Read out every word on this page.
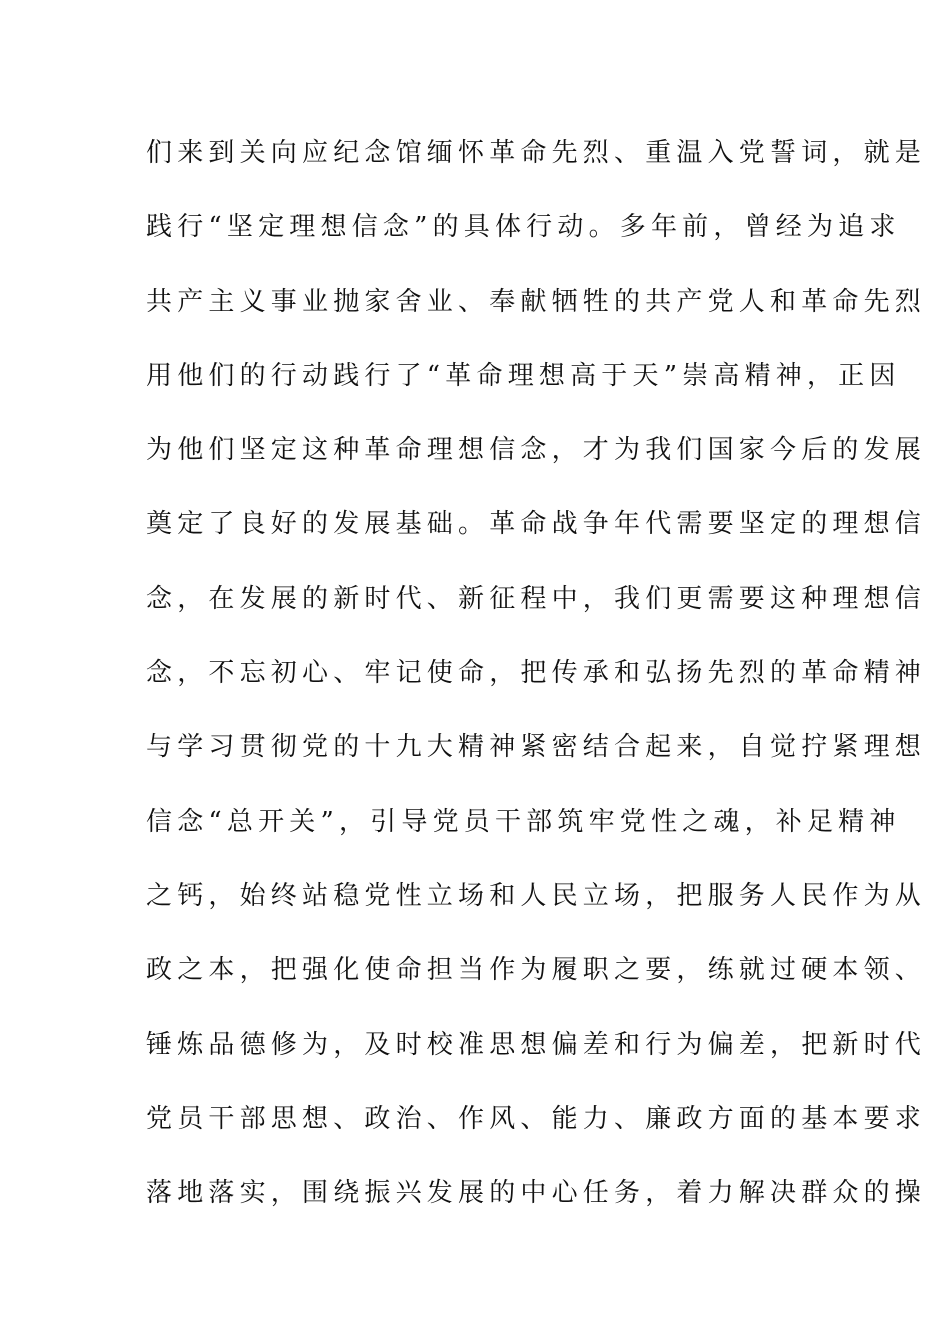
们来到关向应纪念馆缅怀革命先烈、重温入党誓词，就是
践行“坚定理想信念”的具体行动。多年前，曾经为追求
共产主义事业抛家舍业、奉献牺牲的共产党人和革命先烈
用他们的行动践行了“革命理想高于天”崇高精神，正因
为他们坚定这种革命理想信念，才为我们国家今后的发展
奠定了良好的发展基础。革命战争年代需要坚定的理想信
念，在发展的新时代、新征程中，我们更需要这种理想信
念，不忘初心、牢记使命，把传承和弘扬先烈的革命精神
与学习贯彻党的十九大精神紧密结合起来，自觉拧紧理想
信念“总开关”，引导党员干部筑牢党性之魂，补足精神
之钙，始终站稳党性立场和人民立场，把服务人民作为从
政之本，把强化使命担当作为履职之要，练就过硬本领、
锤炼品德修为，及时校准思想偏差和行为偏差，把新时代
党员干部思想、政治、作风、能力、廉政方面的基本要求
落地落实，围绕振兴发展的中心任务，着力解决群众的操
